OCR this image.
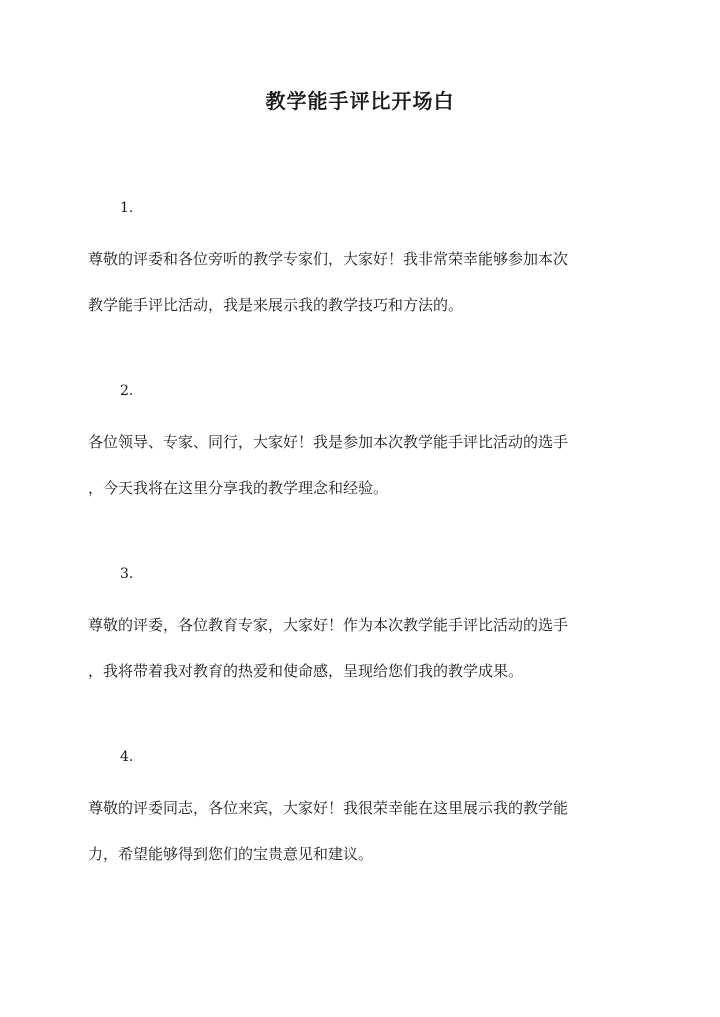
教学能手评比开场白

1.

尊敬的评委和各位旁听的教学专家们，大家好！我非常荣幸能够参加本次
教学能手评比活动，我是来展示我的教学技巧和方法的。

2.

各位领导、专家、同行，大家好！我是参加本次教学能手评比活动的选手
，今天我将在这里分享我的教学理念和经验。

3.

尊敬的评委，各位教育专家，大家好！作为本次教学能手评比活动的选手
，我将带着我对教育的热爱和使命感，呈现给您们我的教学成果。

4.

尊敬的评委同志，各位来宾，大家好！我很荣幸能在这里展示我的教学能
力，希望能够得到您们的宝贵意见和建议。
